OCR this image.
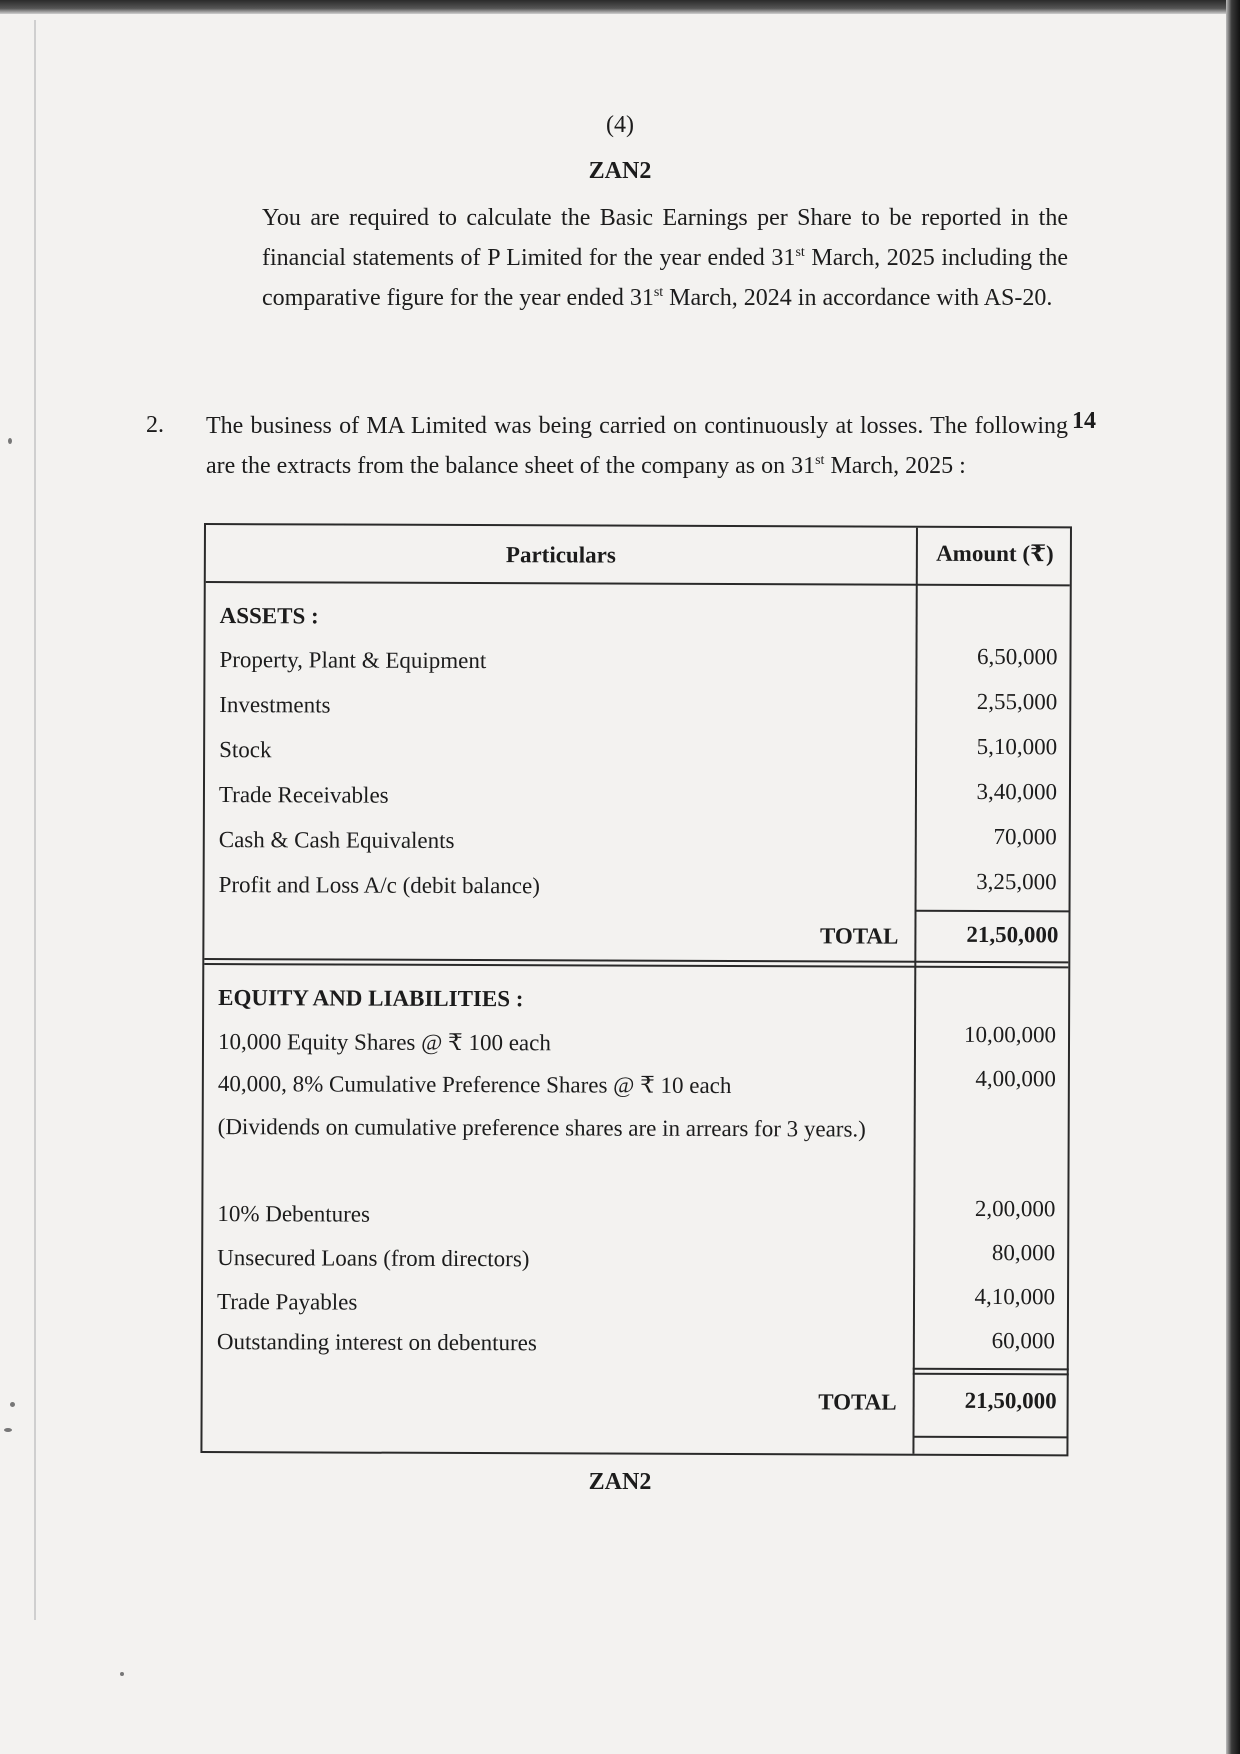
(4)
ZAN2
You are required to calculate the Basic Earnings per Share to be reported in the financial statements of P Limited for the year ended 31st March, 2025 including the comparative figure for the year ended 31st March, 2024 in accordance with AS-20.
2.	14
The business of MA Limited was being carried on continuously at losses. The following are the extracts from the balance sheet of the company as on 31st March, 2025 :
Particulars	Amount (₹)
ASSETS :
Property, Plant & Equipment	6,50,000
Investments	2,55,000
Stock	5,10,000
Trade Receivables	3,40,000
Cash & Cash Equivalents	70,000
Profit and Loss A/c (debit balance)	3,25,000
TOTAL	21,50,000
EQUITY AND LIABILITIES :
10,000 Equity Shares @ ₹ 100 each	10,00,000
40,000, 8% Cumulative Preference Shares @ ₹ 10 each	4,00,000
(Dividends on cumulative preference shares are in arrears for 3 years.)
10% Debentures	2,00,000
Unsecured Loans (from directors)	80,000
Trade Payables	4,10,000
Outstanding interest on debentures	60,000
TOTAL	21,50,000
ZAN2
